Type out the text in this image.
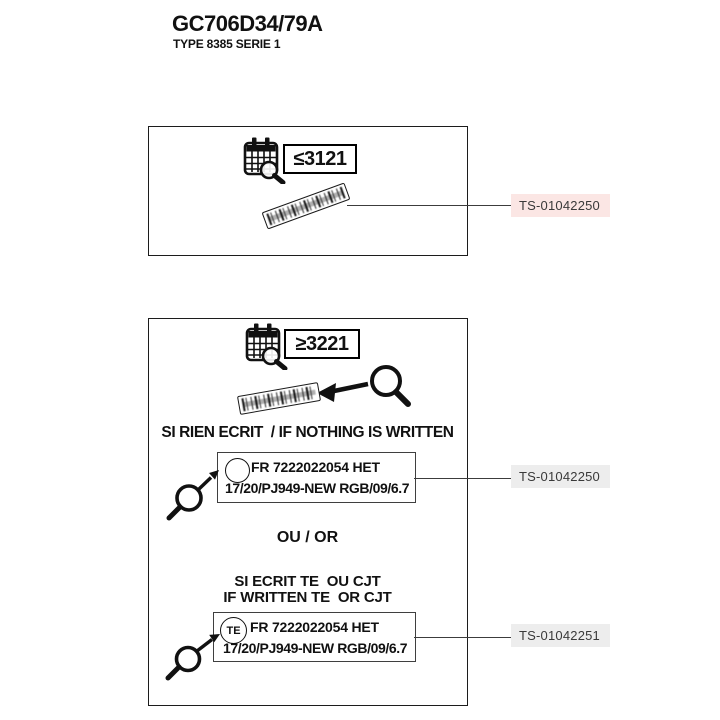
GC706D34/79A
TYPE 8385 SERIE 1
≤3121
TS-01042250
≥3221
SI RIEN ECRIT  / IF NOTHING IS WRITTEN
FR 7222022054 HET
17/20/PJ949-NEW RGB/09/6.7
TS-01042250
OU / OR
SI ECRIT TE  OU CJT
IF WRITTEN TE  OR CJT
TE FR 7222022054 HET
17/20/PJ949-NEW RGB/09/6.7
TS-01042251
